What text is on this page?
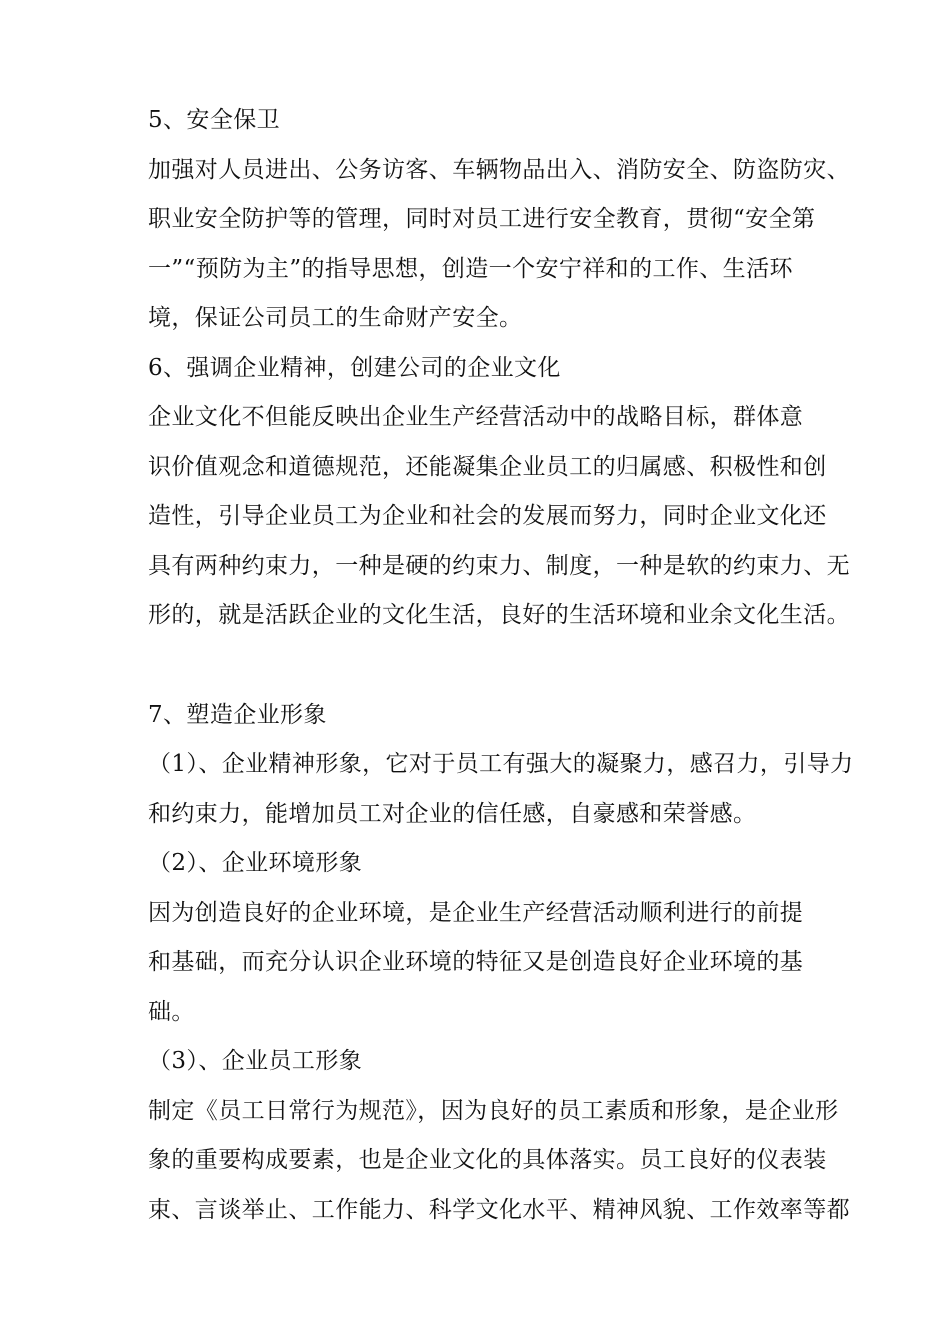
5、安全保卫
加强对人员进出、公务访客、车辆物品出入、消防安全、防盗防灾、
职业安全防护等的管理，同时对员工进行安全教育，贯彻“安全第
一”“预防为主”的指导思想，创造一个安宁祥和的工作、生活环
境，保证公司员工的生命财产安全。
6、强调企业精神，创建公司的企业文化
企业文化不但能反映出企业生产经营活动中的战略目标，群体意
识价值观念和道德规范，还能凝集企业员工的归属感、积极性和创
造性，引导企业员工为企业和社会的发展而努力，同时企业文化还
具有两种约束力，一种是硬的约束力、制度，一种是软的约束力、无
形的，就是活跃企业的文化生活，良好的生活环境和业余文化生活。
7、塑造企业形象
（1）、企业精神形象，它对于员工有强大的凝聚力，感召力，引导力
和约束力，能增加员工对企业的信任感，自豪感和荣誉感。
（2）、企业环境形象
因为创造良好的企业环境，是企业生产经营活动顺利进行的前提
和基础，而充分认识企业环境的特征又是创造良好企业环境的基
础。
（3）、企业员工形象
制定《员工日常行为规范》，因为良好的员工素质和形象，是企业形
象的重要构成要素，也是企业文化的具体落实。员工良好的仪表装
束、言谈举止、工作能力、科学文化水平、精神风貌、工作效率等都
